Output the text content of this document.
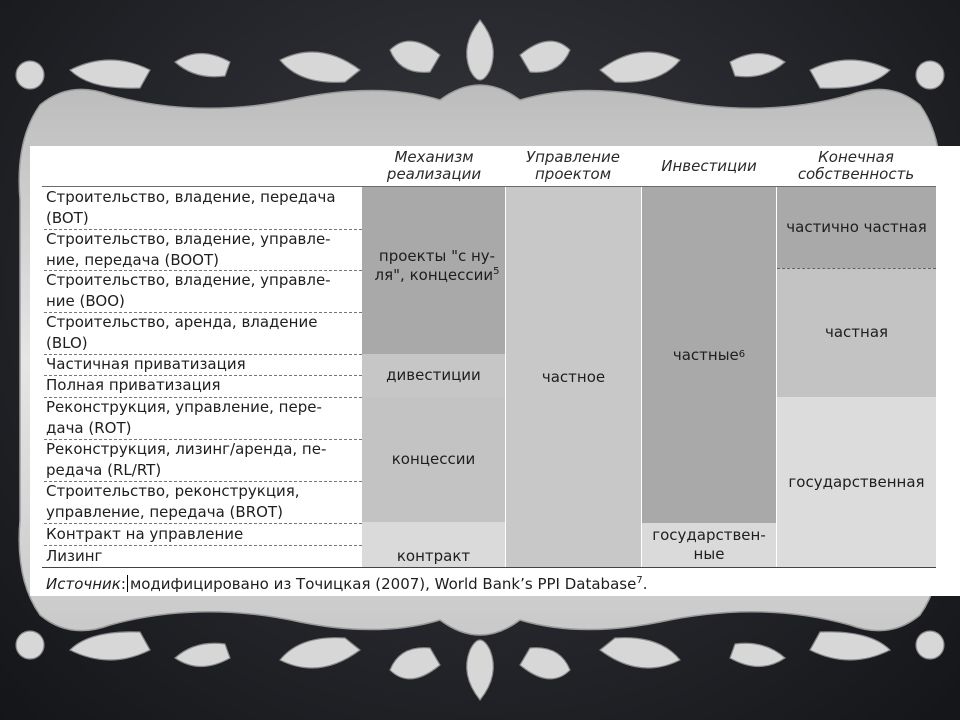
Механизм реализации
Управление проектом	Инвестиции	Конечная собственность
Строительство, владение, передача
(BOT)
Строительство, владение, управле-
ние, передача (BOOT)
Строительство, владение, управле-
ние (BOO)
Строительство, аренда, владение
(BLO)
Частичная приватизация
Полная приватизация
Реконструкция, управление, пере-
дача (ROT)
Реконструкция, лизинг/аренда, пе-
редача (RL/RT)
Строительство, реконструкция,
управление, передача (BROT)
Контракт на управление
Лизинг
проекты "с ну-
ля", концессии$^5$
дивестиции
концессии
контракт
частное
частные 6
государствен-
ные
частично частная
частная
государственная
Источник: модифицировано из Точицкая (2007), World Bank’s PPI Database$^7$.
